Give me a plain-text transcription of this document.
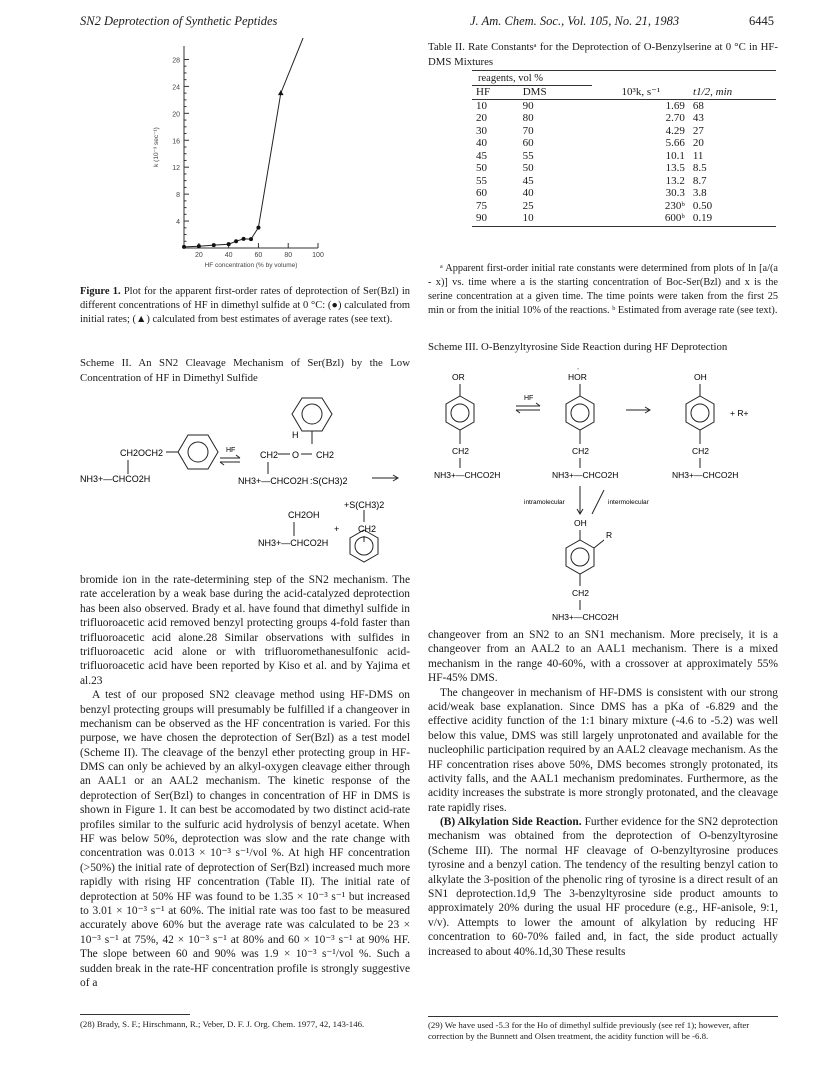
SN2 Deprotection of Synthetic Peptides	J. Am. Chem. Soc., Vol. 105, No. 21, 1983	6445
4
8
12
16
20
24
28
20	40	60	80	100
HF concentration (% by volume)
k (10⁻³ sec⁻¹)
Figure 1. Plot for the apparent first-order rates of deprotection of Ser(Bzl) in different concentrations of HF in dimethyl sulfide at 0 °C: (●) calculated from initial rates; (▲) calculated from best estimates of average rates (see text).
Scheme II. An SN2 Cleavage Mechanism of Ser(Bzl) by the Low Concentration of HF in Dimethyl Sulfide
CH2OCH2
NH3+—CHCO2H
HF
H
CH2 O CH2
NH3+—CHCO2H :S(CH3)2
+S(CH3)2
CH2OH
NH3+—CHCO2H
+ CH2

bromide ion in the rate-determining step of the SN2 mechanism. The rate acceleration by a weak base during the acid-catalyzed deprotection has been also observed. Brady et al. have found that dimethyl sulfide in trifluoroacetic acid removed benzyl protecting groups 4-fold faster than trifluoroacetic acid alone.28 Similar observations with sulfides in trifluoroacetic acid alone or with trifluoromethanesulfonic acid-trifluoroacetic acid have been reported by Kiso et al. and by Yajima et al.23

A test of our proposed SN2 cleavage method using HF-DMS on benzyl protecting groups will presumably be fulfilled if a changeover in mechanism can be observed as the HF concentration is varied. For this purpose, we have chosen the deprotection of Ser(Bzl) as a test model (Scheme II). The cleavage of the benzyl ether protecting group in HF-DMS can only be achieved by an alkyl-oxygen cleavage either through an AAL1 or an AAL2 mechanism. The kinetic response of the deprotection of Ser(Bzl) to changes in concentration of HF in DMS is shown in Figure 1. It can best be accomodated by two distinct acid-rate profiles similar to the sulfuric acid hydrolysis of benzyl acetate. When HF was below 50%, deprotection was slow and the rate change with concentration was 0.013 × 10⁻³ s⁻¹/vol %. At high HF concentration (>50%) the initial rate of deprotection of Ser(Bzl) increased much more rapidly with rising HF concentration (Table II). The initial rate of deprotection at 50% HF was found to be 1.35 × 10⁻³ s⁻¹ but increased to 3.01 × 10⁻³ s⁻¹ at 60%. The initial rate was too fast to be measured accurately above 60% but the average rate was calculated to be 23 × 10⁻³ s⁻¹ at 75%, 42 × 10⁻³ s⁻¹ at 80% and 60 × 10⁻³ s⁻¹ at 90% HF. The slope between 60 and 90% was 1.9 × 10⁻³ s⁻¹/vol %. Such a sudden break in the rate-HF concentration profile is strongly suggestive of a

(28) Brady, S. F.; Hirschmann, R.; Veber, D. F. J. Org. Chem. 1977, 42, 143-146.
Table II. Rate Constantsᵃ for the Deprotection of O-Benzylserine at 0 °C in HF-DMS Mixtures
reagents, vol %
HF	DMS	10³k, s⁻¹	t1/2, min
10	90	1.69	68
20	80	2.70	43
30	70	4.29	27
40	60	5.66	20
45	55	10.1	11
50	50	13.5	8.5
55	45	13.2	8.7
60	40	30.3	3.8
75	25	230ᵇ	0.50
90	10	600ᵇ	0.19
ᵃ Apparent first-order initial rate constants were determined from plots of ln [a/(a - x)] vs. time where a is the starting concentration of Boc-Ser(Bzl) and x is the serine concentration at a given time. The time points were taken from the first 25 min or from the initial 10% of the reactions. ᵇ Estimated from average rate (see text).
Scheme III. O-Benzyltyrosine Side Reaction during HF Deprotection
OR
CH2
NH3+—CHCO2H
HF
+
HOR
CH2
NH3+—CHCO2H
OH
+ R+
CH2
NH3+—CHCO2H
intramolecular	intermolecular
OH
R
CH2
NH3+—CHCO2H

changeover from an SN2 to an SN1 mechanism. More precisely, it is a changeover from an AAL2 to an AAL1 mechanism. There is a mixed mechanism in the range 40-60%, with a crossover at approximately 55% HF-45% DMS.

The changeover in mechanism of HF-DMS is consistent with our strong acid/weak base explanation. Since DMS has a pKa of -6.829 and the effective acidity function of the 1:1 binary mixture (-4.6 to -5.2) was well below this value, DMS was still largely unprotonated and available for the nucleophilic participation required by an AAL2 cleavage mechanism. As the HF concentration rises above 50%, DMS becomes strongly protonated, its activity falls, and the AAL1 mechanism predominates. Furthermore, as the acidity increases the substrate is more strongly protonated, and the cleavage rate rapidly rises.

(B) Alkylation Side Reaction. Further evidence for the SN2 deprotection mechanism was obtained from the deprotection of O-benzyltyrosine (Scheme III). The normal HF cleavage of O-benzyltyrosine produces tyrosine and a benzyl cation. The tendency of the resulting benzyl cation to alkylate the 3-position of the phenolic ring of tyrosine is a direct result of an SN1 deprotection.1d,9 The 3-benzyltyrosine side product amounts to approximately 20% during the usual HF procedure (e.g., HF-anisole, 9:1, v/v). Attempts to lower the amount of alkylation by reducing HF concentration to 60-70% failed and, in fact, the side product actually increased to about 40%.1d,30 These results

(29) We have used -5.3 for the Ho of dimethyl sulfide previously (see ref 1); however, after correction by the Bunnett and Olsen treatment, the acidity function will be -6.8.
